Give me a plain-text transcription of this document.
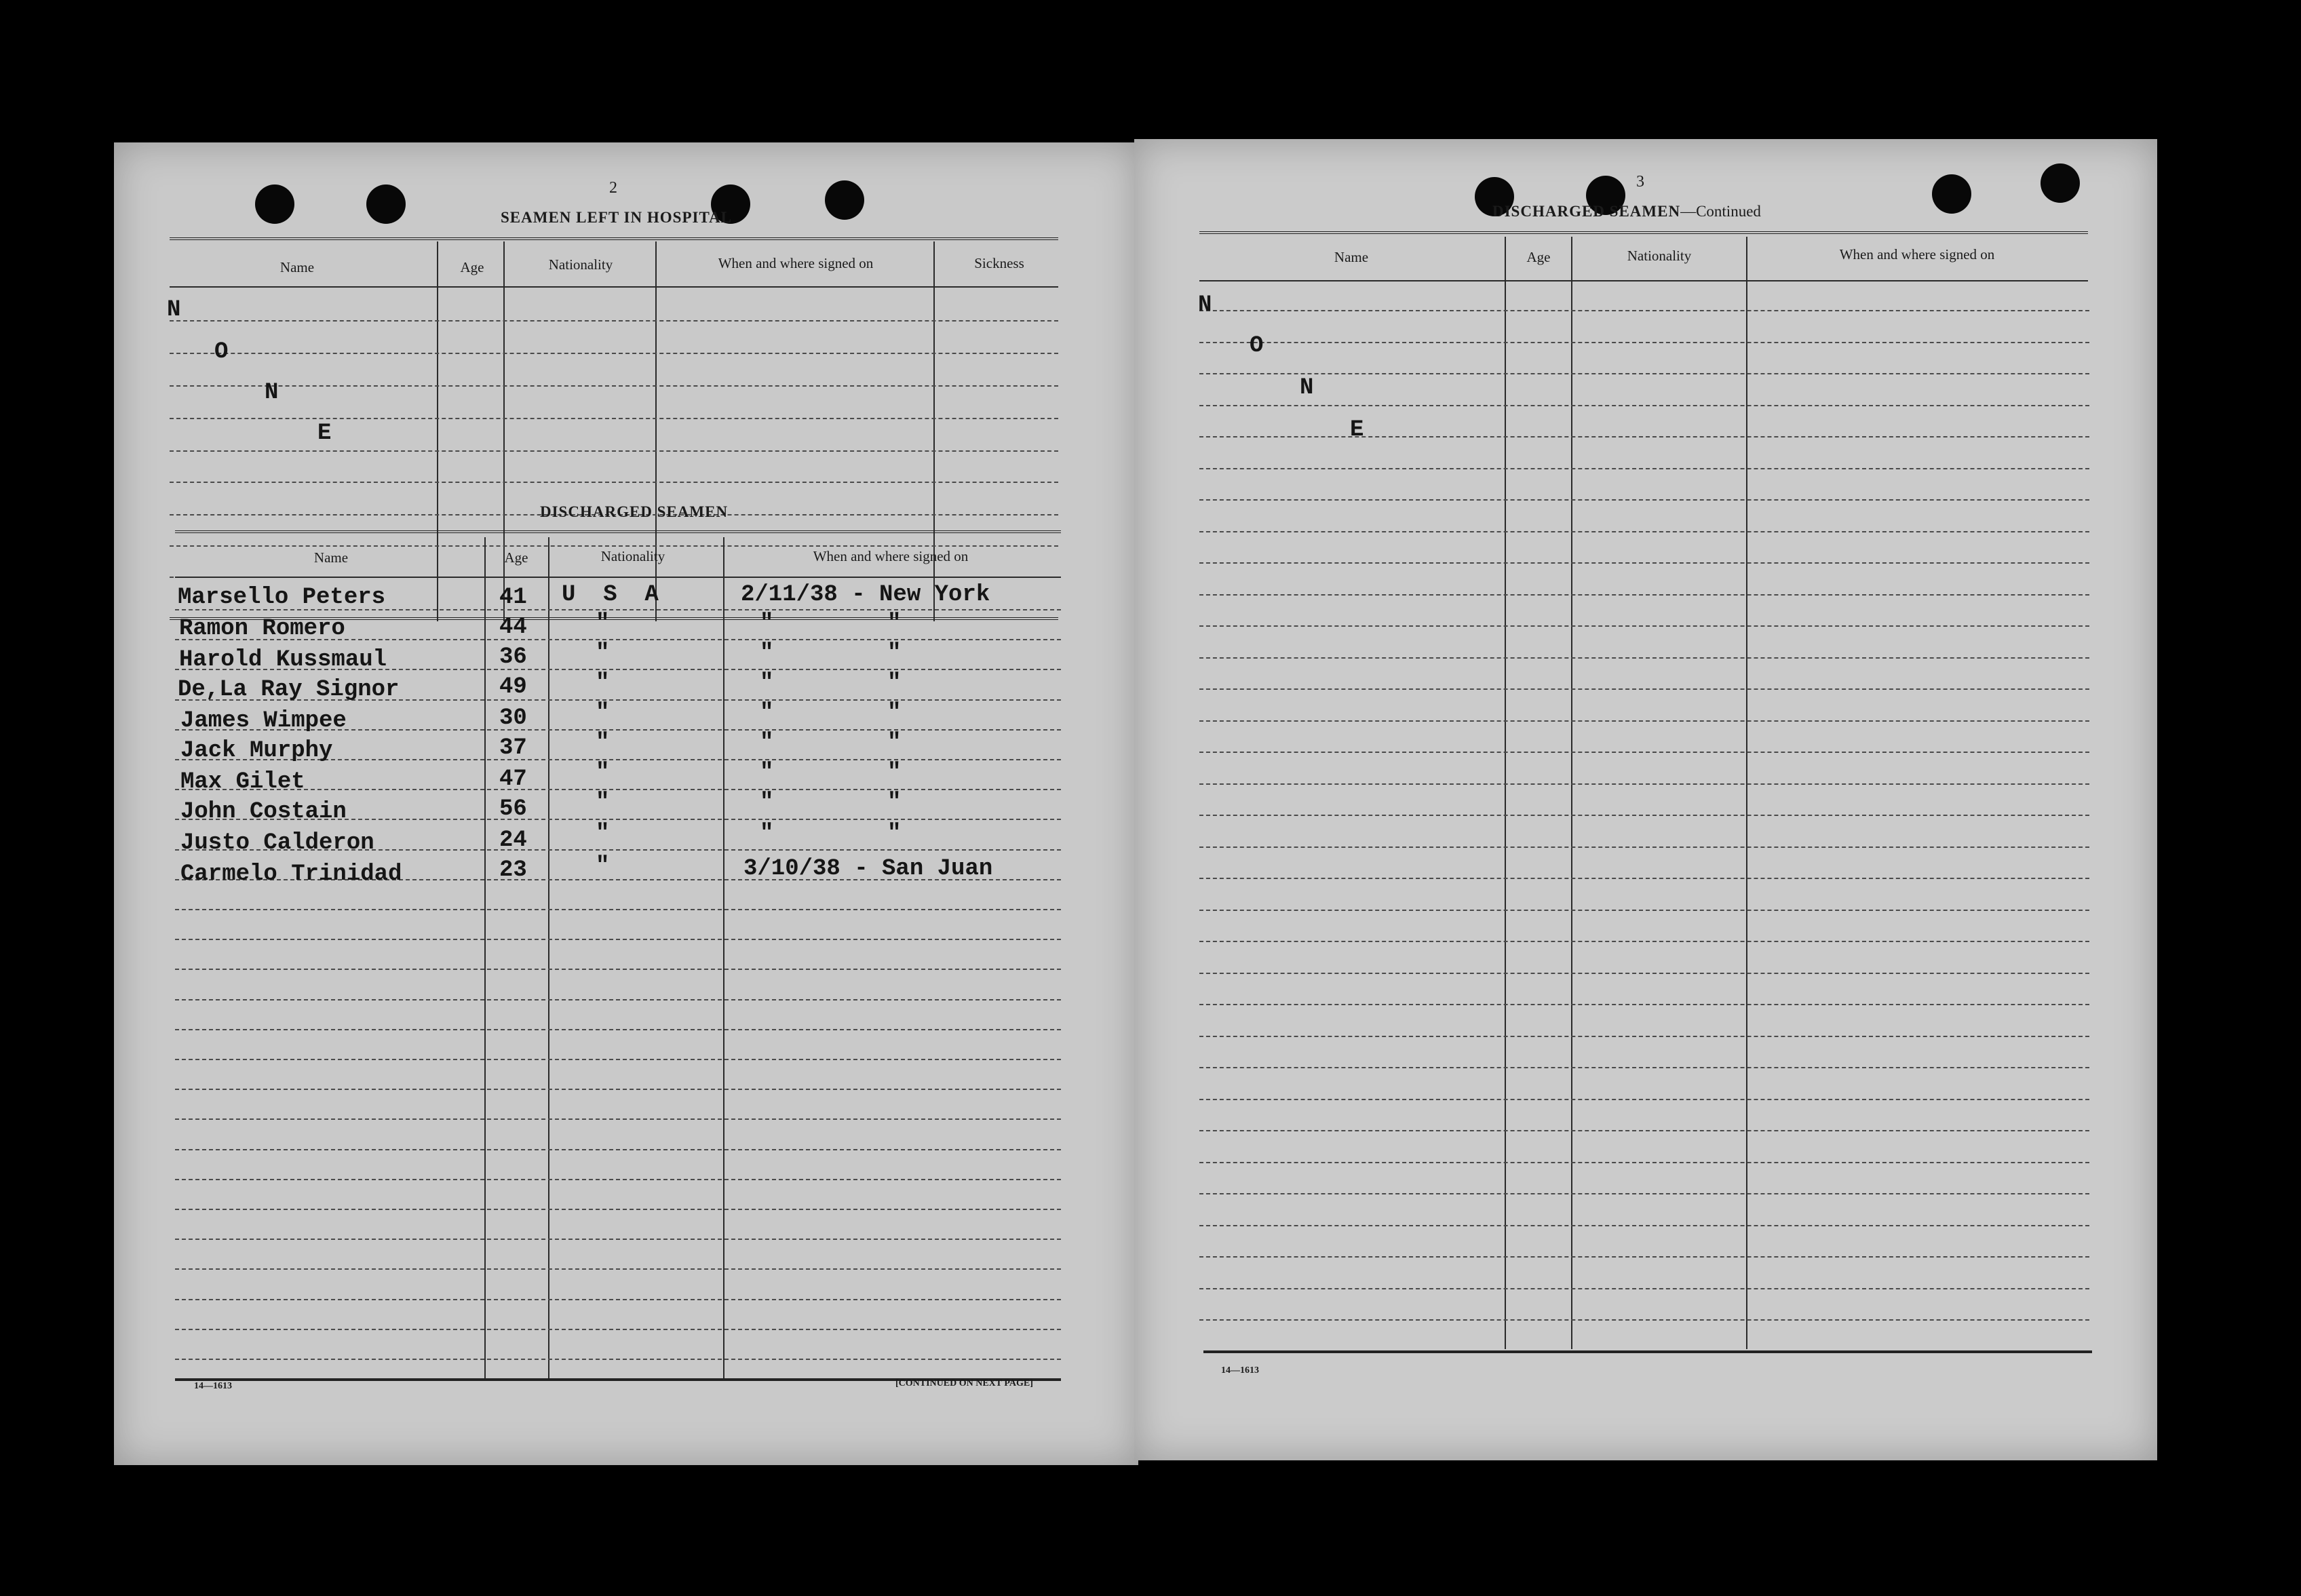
2
SEAMEN LEFT IN HOSPITAL
Name	Age	Nationality	When and where signed on	Sickness
N
O
N
E
DISCHARGED SEAMEN
Name	Age	Nationality	When and where signed on
Marsello Peters	41 U  S  A	2/11/38 - New York
Ramon Romero	44	"	"	"
Harold Kussmaul	36	"	"	"
De,La Ray Signor	49	"	"	"
James Wimpee	30	"	"	"
Jack Murphy	37	"	"	"
Max Gilet	47	"	"	"
John Costain	56	"	"	"
Justo Calderon	24	"	"	"
Carmelo Trinidad	23	"	3/10/38 - San Juan
14—1613	[CONTINUED ON NEXT PAGE]
3
DISCHARGED SEAMEN—Continued
Name	Age	Nationality	When and where signed on
N
O
N
E
14—1613
